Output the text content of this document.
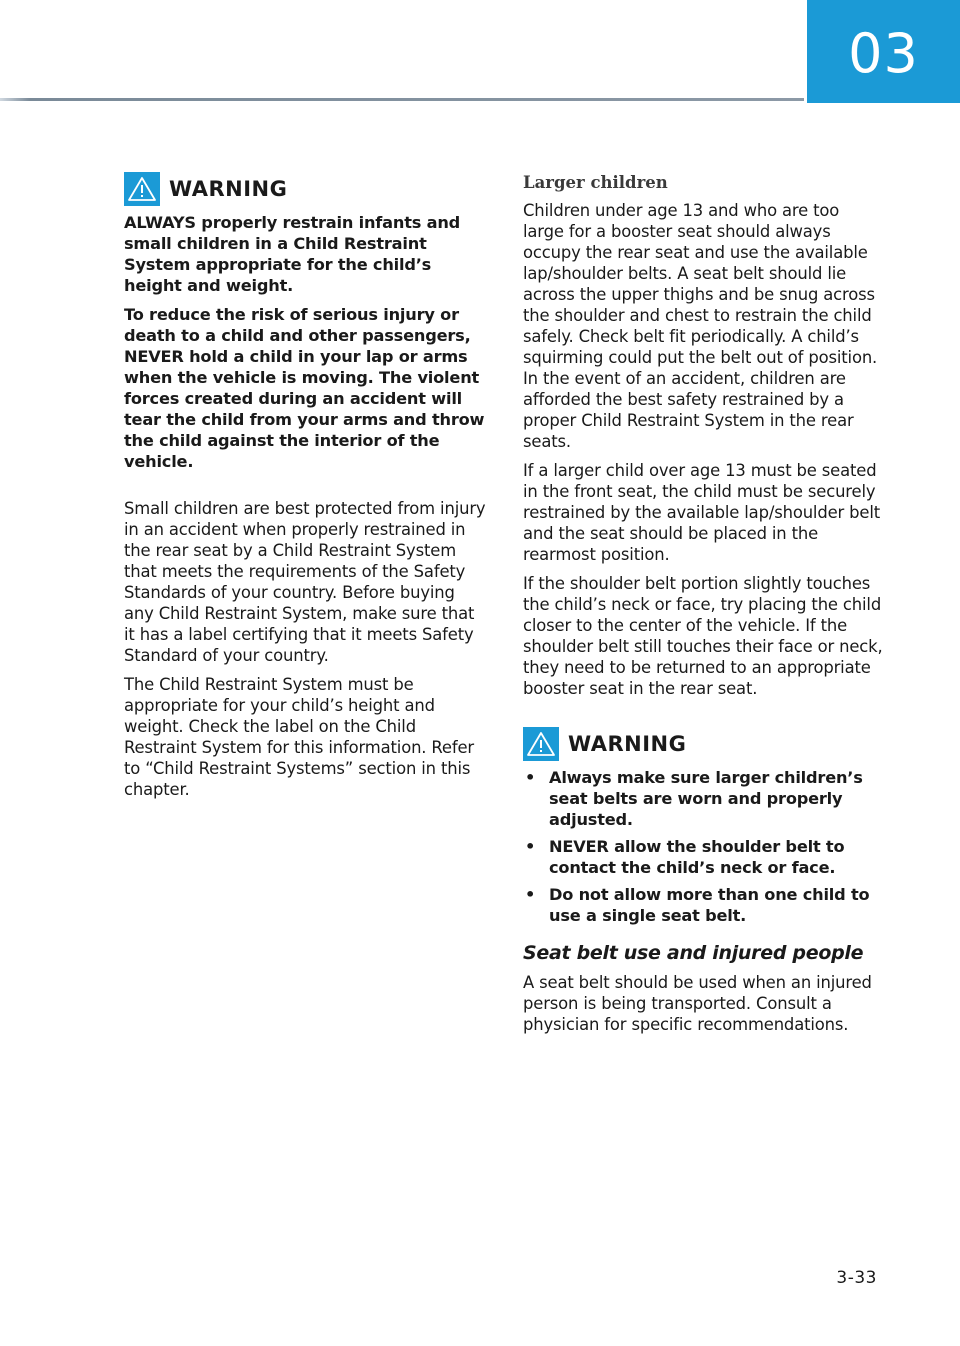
03
WARNING

ALWAYS properly restrain infants and small children in a Child Restraint System appropriate for the child’s height and weight.

To reduce the risk of serious injury or death to a child and other passengers, NEVER hold a child in your lap or arms when the vehicle is moving. The violent forces created during an accident will tear the child from your arms and throw the child against the interior of the vehicle.

Small children are best protected from injury in an accident when properly restrained in the rear seat by a Child Restraint System that meets the requirements of the Safety Standards of your country. Before buying any Child Restraint System, make sure that it has a label certifying that it meets Safety Standard of your country.

The Child Restraint System must be appropriate for your child’s height and weight. Check the label on the Child Restraint System for this information. Refer to “Child Restraint Systems” section in this chapter.

Larger children

Children under age 13 and who are too large for a booster seat should always occupy the rear seat and use the available lap/shoulder belts. A seat belt should lie across the upper thighs and be snug across the shoulder and chest to restrain the child safely. Check belt fit periodically. A child’s squirming could put the belt out of position. In the event of an accident, children are afforded the best safety restrained by a proper Child Restraint System in the rear seats.

If a larger child over age 13 must be seated in the front seat, the child must be securely restrained by the available lap/shoulder belt and the seat should be placed in the rearmost position.

If the shoulder belt portion slightly touches the child’s neck or face, try placing the child closer to the center of the vehicle. If the shoulder belt still touches their face or neck, they need to be returned to an appropriate booster seat in the rear seat.

WARNING
• Always make sure larger children’s seat belts are worn and properly adjusted.
• NEVER allow the shoulder belt to contact the child’s neck or face.
• Do not allow more than one child to use a single seat belt.
Seat belt use and injured people

A seat belt should be used when an injured person is being transported. Consult a physician for specific recommendations.

3-33
